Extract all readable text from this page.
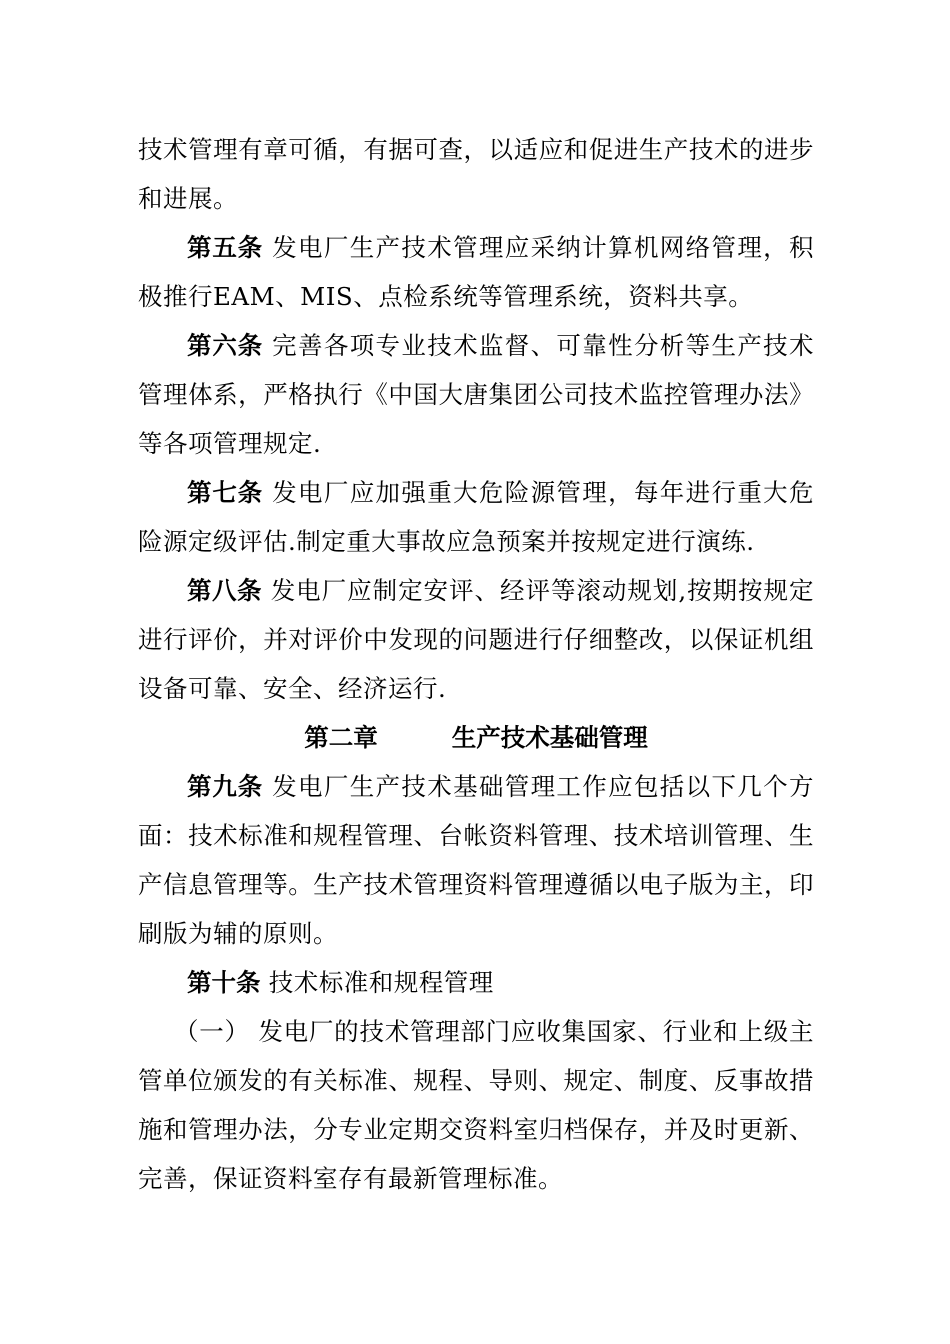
技术管理有章可循，有据可查，以适应和促进生产技术的进步和进展。

第五条 发电厂生产技术管理应采纳计算机网络管理，积极推行EAM、MIS、点检系统等管理系统，资料共享。

第六条 完善各项专业技术监督、可靠性分析等生产技术管理体系，严格执行《中国大唐集团公司技术监控管理办法》等各项管理规定.

第七条 发电厂应加强重大危险源管理，每年进行重大危险源定级评估.制定重大事故应急预案并按规定进行演练.

第八条 发电厂应制定安评、经评等滚动规划,按期按规定进行评价，并对评价中发现的问题进行仔细整改，以保证机组设备可靠、安全、经济运行.

第二章	生产技术基础管理

第九条 发电厂生产技术基础管理工作应包括以下几个方面：技术标准和规程管理、台帐资料管理、技术培训管理、生产信息管理等。生产技术管理资料管理遵循以电子版为主，印刷版为辅的原则。

第十条 技术标准和规程管理

（一） 发电厂的技术管理部门应收集国家、行业和上级主管单位颁发的有关标准、规程、导则、规定、制度、反事故措施和管理办法，分专业定期交资料室归档保存，并及时更新、完善，保证资料室存有最新管理标准。
